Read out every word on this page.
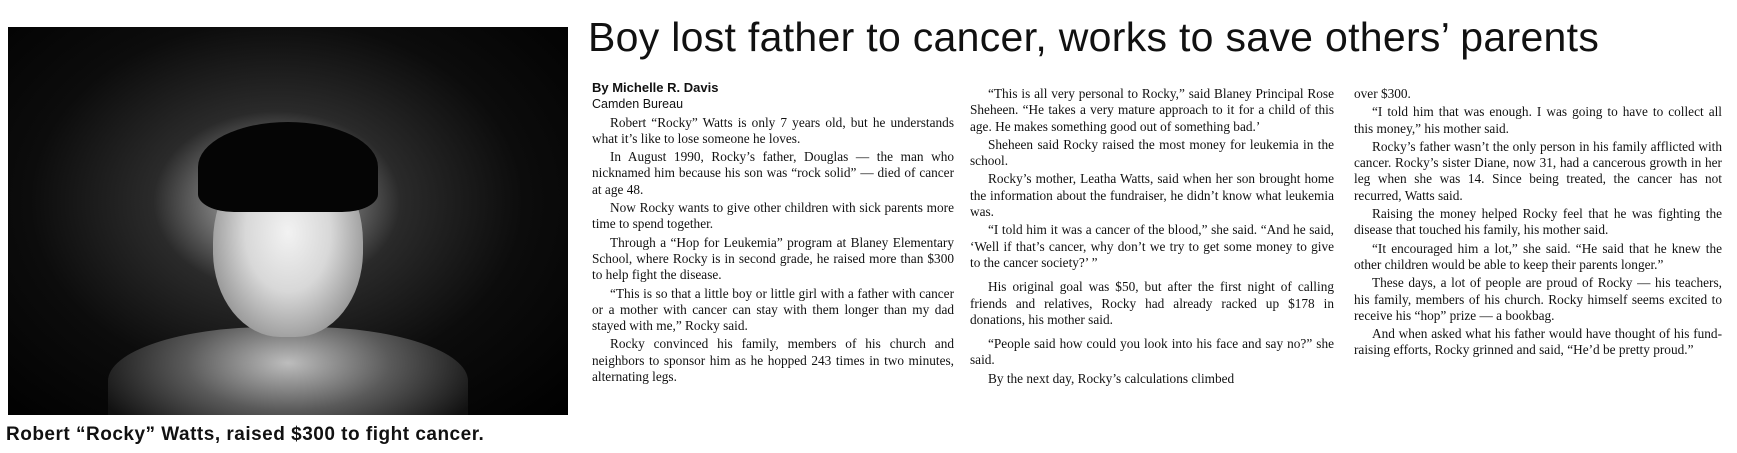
Robert “Rocky” Watts, raised $300 to fight cancer.
Boy lost father to cancer, works to save others’ parents

By Michelle R. Davis

Camden Bureau

Robert “Rocky” Watts is only 7 years old, but he understands what it’s like to lose someone he loves.

In August 1990, Rocky’s father, Douglas — the man who nicknamed him because his son was “rock solid” — died of cancer at age 48.

Now Rocky wants to give other children with sick parents more time to spend together.

Through a “Hop for Leukemia” program at Blaney Elementary School, where Rocky is in second grade, he raised more than $300 to help fight the disease.

“This is so that a little boy or little girl with a father with cancer or a mother with cancer can stay with them longer than my dad stayed with me,” Rocky said.

Rocky convinced his family, members of his church and neighbors to sponsor him as he hopped 243 times in two minutes, alternating legs.

“This is all very personal to Rocky,” said Blaney Principal Rose Sheheen. “He takes a very mature approach to it for a child of this age. He makes something good out of something bad.’

Sheheen said Rocky raised the most money for leukemia in the school.

Rocky’s mother, Leatha Watts, said when her son brought home the information about the fundraiser, he didn’t know what leukemia was.

“I told him it was a cancer of the blood,” she said. “And he said, ‘Well if that’s cancer, why don’t we try to get some money to give to the cancer society?’ ”

His original goal was $50, but after the first night of calling friends and relatives, Rocky had already racked up $178 in donations, his mother said.

“People said how could you look into his face and say no?” she said.

By the next day, Rocky’s calculations climbed

over $300.

“I told him that was enough. I was going to have to collect all this money,” his mother said.

Rocky’s father wasn’t the only person in his family afflicted with cancer. Rocky’s sister Diane, now 31, had a cancerous growth in her leg when she was 14. Since being treated, the cancer has not recurred, Watts said.

Raising the money helped Rocky feel that he was fighting the disease that touched his family, his mother said.

“It encouraged him a lot,” she said. “He said that he knew the other children would be able to keep their parents longer.”

These days, a lot of people are proud of Rocky — his teachers, his family, members of his church. Rocky himself seems excited to receive his “hop” prize — a bookbag.

And when asked what his father would have thought of his fund-raising efforts, Rocky grinned and said, “He’d be pretty proud.”
